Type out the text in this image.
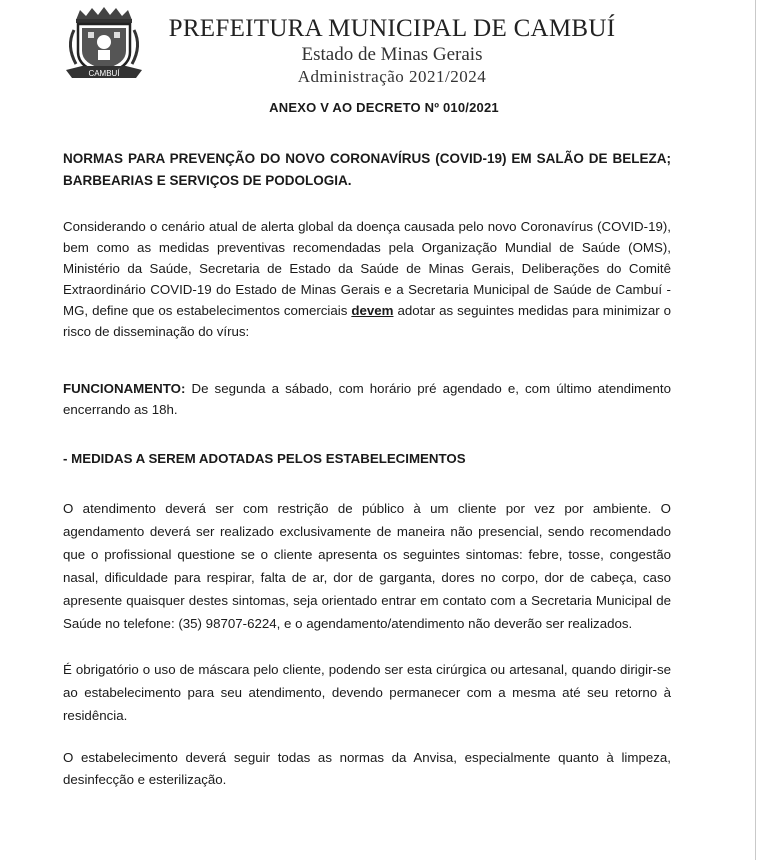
CAMBUÍ
PREFEITURA MUNICIPAL DE CAMBUÍ
Estado de Minas Gerais
Administração 2021/2024
ANEXO V AO DECRETO Nº 010/2021
NORMAS PARA PREVENÇÃO DO NOVO CORONAVÍRUS (COVID-19) EM SALÃO DE BELEZA; BARBEARIAS E SERVIÇOS DE PODOLOGIA.
Considerando o cenário atual de alerta global da doença causada pelo novo Coronavírus (COVID-19), bem como as medidas preventivas recomendadas pela Organização Mundial de Saúde (OMS), Ministério da Saúde, Secretaria de Estado da Saúde de Minas Gerais, Deliberações do Comitê Extraordinário COVID-19 do Estado de Minas Gerais e a Secretaria Municipal de Saúde de Cambuí - MG, define que os estabelecimentos comerciais devem adotar as seguintes medidas para minimizar o risco de disseminação do vírus:
FUNCIONAMENTO: De segunda a sábado, com horário pré agendado e, com último atendimento encerrando as 18h.
- MEDIDAS A SEREM ADOTADAS PELOS ESTABELECIMENTOS
O atendimento deverá ser com restrição de público à um cliente por vez por ambiente. O agendamento deverá ser realizado exclusivamente de maneira não presencial, sendo recomendado que o profissional questione se o cliente apresenta os seguintes sintomas: febre, tosse, congestão nasal, dificuldade para respirar, falta de ar, dor de garganta, dores no corpo, dor de cabeça, caso apresente quaisquer destes sintomas, seja orientado entrar em contato com a Secretaria Municipal de Saúde no telefone: (35) 98707-6224, e o agendamento/atendimento não deverão ser realizados.
É obrigatório o uso de máscara pelo cliente, podendo ser esta cirúrgica ou artesanal, quando dirigir-se ao estabelecimento para seu atendimento, devendo permanecer com a mesma até seu retorno à residência.
O estabelecimento deverá seguir todas as normas da Anvisa, especialmente quanto à limpeza, desinfecção e esterilização.
